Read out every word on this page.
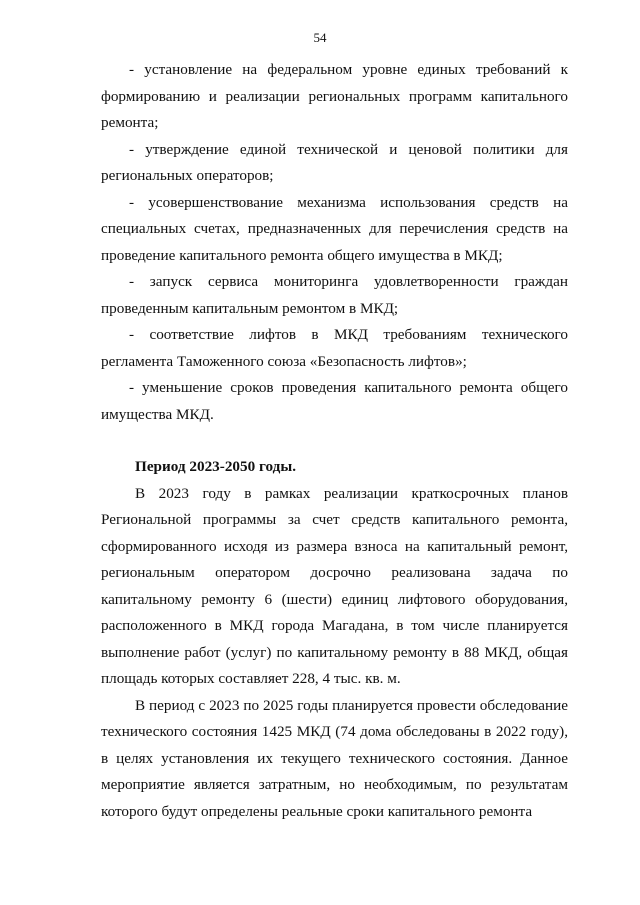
54

- установление на федеральном уровне единых требований к формированию и реализации региональных программ капитального ремонта;

- утверждение единой технической и ценовой политики для региональных операторов;

- усовершенствование механизма использования средств на специальных счетах, предназначенных для перечисления средств на проведение капитального ремонта общего имущества в МКД;

- запуск сервиса мониторинга удовлетворенности граждан проведенным капитальным ремонтом в МКД;

- соответствие лифтов в МКД требованиям технического регламента Таможенного союза «Безопасность лифтов»;

- уменьшение сроков проведения капитального ремонта общего имущества МКД.

Период 2023-2050 годы.

В 2023 году в рамках реализации краткосрочных планов Региональной программы за счет средств капитального ремонта, сформированного исходя из размера взноса на капитальный ремонт, региональным оператором досрочно реализована задача по капитальному ремонту 6 (шести) единиц лифтового оборудования, расположенного в МКД города Магадана, в том числе планируется выполнение работ (услуг) по капитальному ремонту в 88 МКД, общая площадь которых составляет 228, 4 тыс. кв. м.

В период с 2023 по 2025 годы планируется провести обследование технического состояния 1425 МКД (74 дома обследованы в 2022 году), в целях установления их текущего технического состояния. Данное мероприятие является затратным, но необходимым, по результатам которого будут определены реальные сроки капитального ремонта
